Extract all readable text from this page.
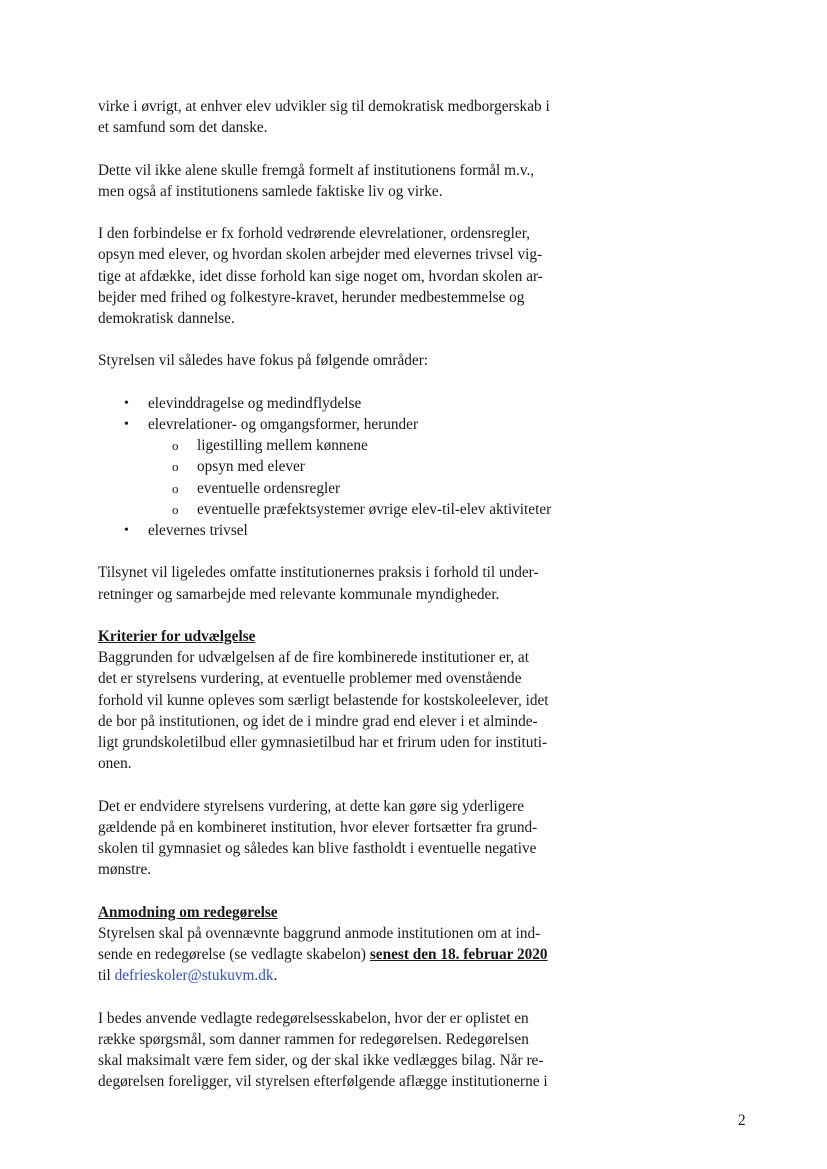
virke i øvrigt, at enhver elev udvikler sig til demokratisk medborgerskab i
et samfund som det danske.

Dette vil ikke alene skulle fremgå formelt af institutionens formål m.v.,
men også af institutionens samlede faktiske liv og virke.

I den forbindelse er fx forhold vedrørende elevrelationer, ordensregler,
opsyn med elever, og hvordan skolen arbejder med elevernes trivsel vig-
tige at afdække, idet disse forhold kan sige noget om, hvordan skolen ar-
bejder med frihed og folkestyre-kravet, herunder medbestemmelse og
demokratisk dannelse.

Styrelsen vil således have fokus på følgende områder:

• elevinddragelse og medindflydelse
• elevrelationer- og omgangsformer, herunder
o ligestilling mellem kønnene
o opsyn med elever
o eventuelle ordensregler
o eventuelle præfektsystemer øvrige elev-til-elev aktiviteter
• elevernes trivsel

Tilsynet vil ligeledes omfatte institutionernes praksis i forhold til under-
retninger og samarbejde med relevante kommunale myndigheder.

Kriterier for udvælgelse
Baggrunden for udvælgelsen af de fire kombinerede institutioner er, at
det er styrelsens vurdering, at eventuelle problemer med ovenstående
forhold vil kunne opleves som særligt belastende for kostskoleelever, idet
de bor på institutionen, og idet de i mindre grad end elever i et alminde-
ligt grundskoletilbud eller gymnasietilbud har et frirum uden for instituti-
onen.

Det er endvidere styrelsens vurdering, at dette kan gøre sig yderligere
gældende på en kombineret institution, hvor elever fortsætter fra grund-
skolen til gymnasiet og således kan blive fastholdt i eventuelle negative
mønstre.

Anmodning om redegørelse
Styrelsen skal på ovennævnte baggrund anmode institutionen om at ind-
sende en redegørelse (se vedlagte skabelon) senest den 18. februar 2020
til defrieskoler@stukuvm.dk.

I bedes anvende vedlagte redegørelsesskabelon, hvor der er oplistet en
række spørgsmål, som danner rammen for redegørelsen. Redegørelsen
skal maksimalt være fem sider, og der skal ikke vedlægges bilag. Når re-
degørelsen foreligger, vil styrelsen efterfølgende aflægge institutionerne i

2
